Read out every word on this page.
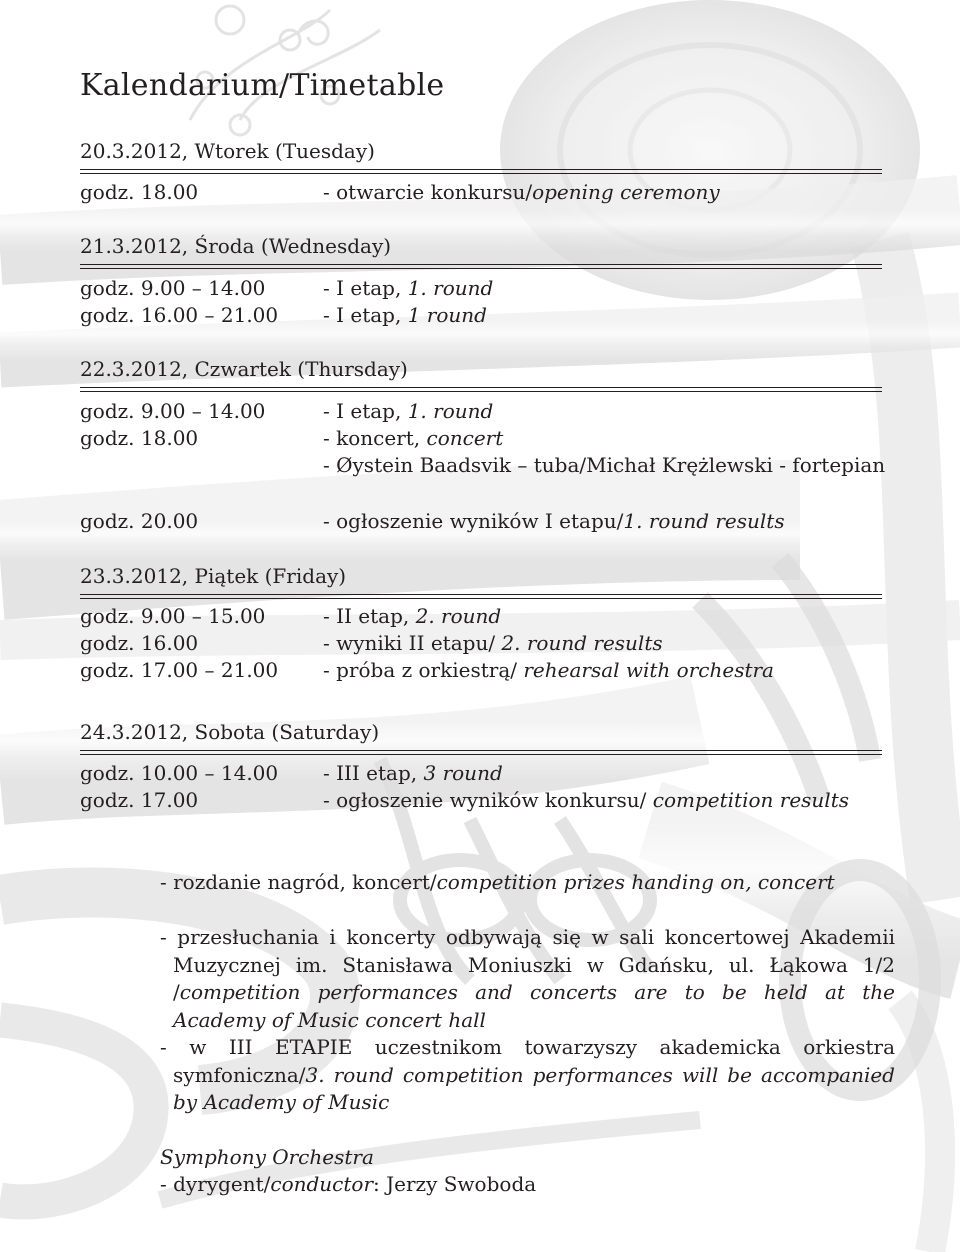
Kalendarium/Timetable
20.3.2012, Wtorek (Tuesday)
godz. 18.00	- otwarcie konkursu/opening ceremony
21.3.2012, Środa (Wednesday)
godz. 9.00 – 14.00	- I etap, 1. round
godz. 16.00 – 21.00 - I etap, 1 round
22.3.2012, Czwartek (Thursday)
godz. 9.00 – 14.00	- I etap, 1. round
godz. 18.00	- koncert, concert
- Øystein Baadsvik – tuba/Michał Krężlewski - fortepian
godz. 20.00	- ogłoszenie wyników I etapu/1. round results
23.3.2012, Piątek (Friday)
godz. 9.00 – 15.00	- II etap, 2. round
godz. 16.00	- wyniki II etapu/ 2. round results
godz. 17.00 – 21.00 - próba z orkiestrą/ rehearsal with orchestra
24.3.2012, Sobota (Saturday)
godz. 10.00 – 14.00 - III etap, 3 round
godz. 17.00	- ogłoszenie wyników konkursu/ competition results
- rozdanie nagród, koncert/competition prizes handing on, concert
- przesłuchania i koncerty odbywają się w sali koncertowej Akademii Muzycznej im. Stanisława Moniuszki w Gdańsku, ul. Łąkowa 1/2 /competition performances and concerts are to be held at the Academy of Music concert hall
- w III ETAPIE uczestnikom towarzyszy akademicka orkiestra symfoniczna/3. round competition performances will be accompanied by Academy of Music
Symphony Orchestra
- dyrygent/conductor: Jerzy Swoboda
